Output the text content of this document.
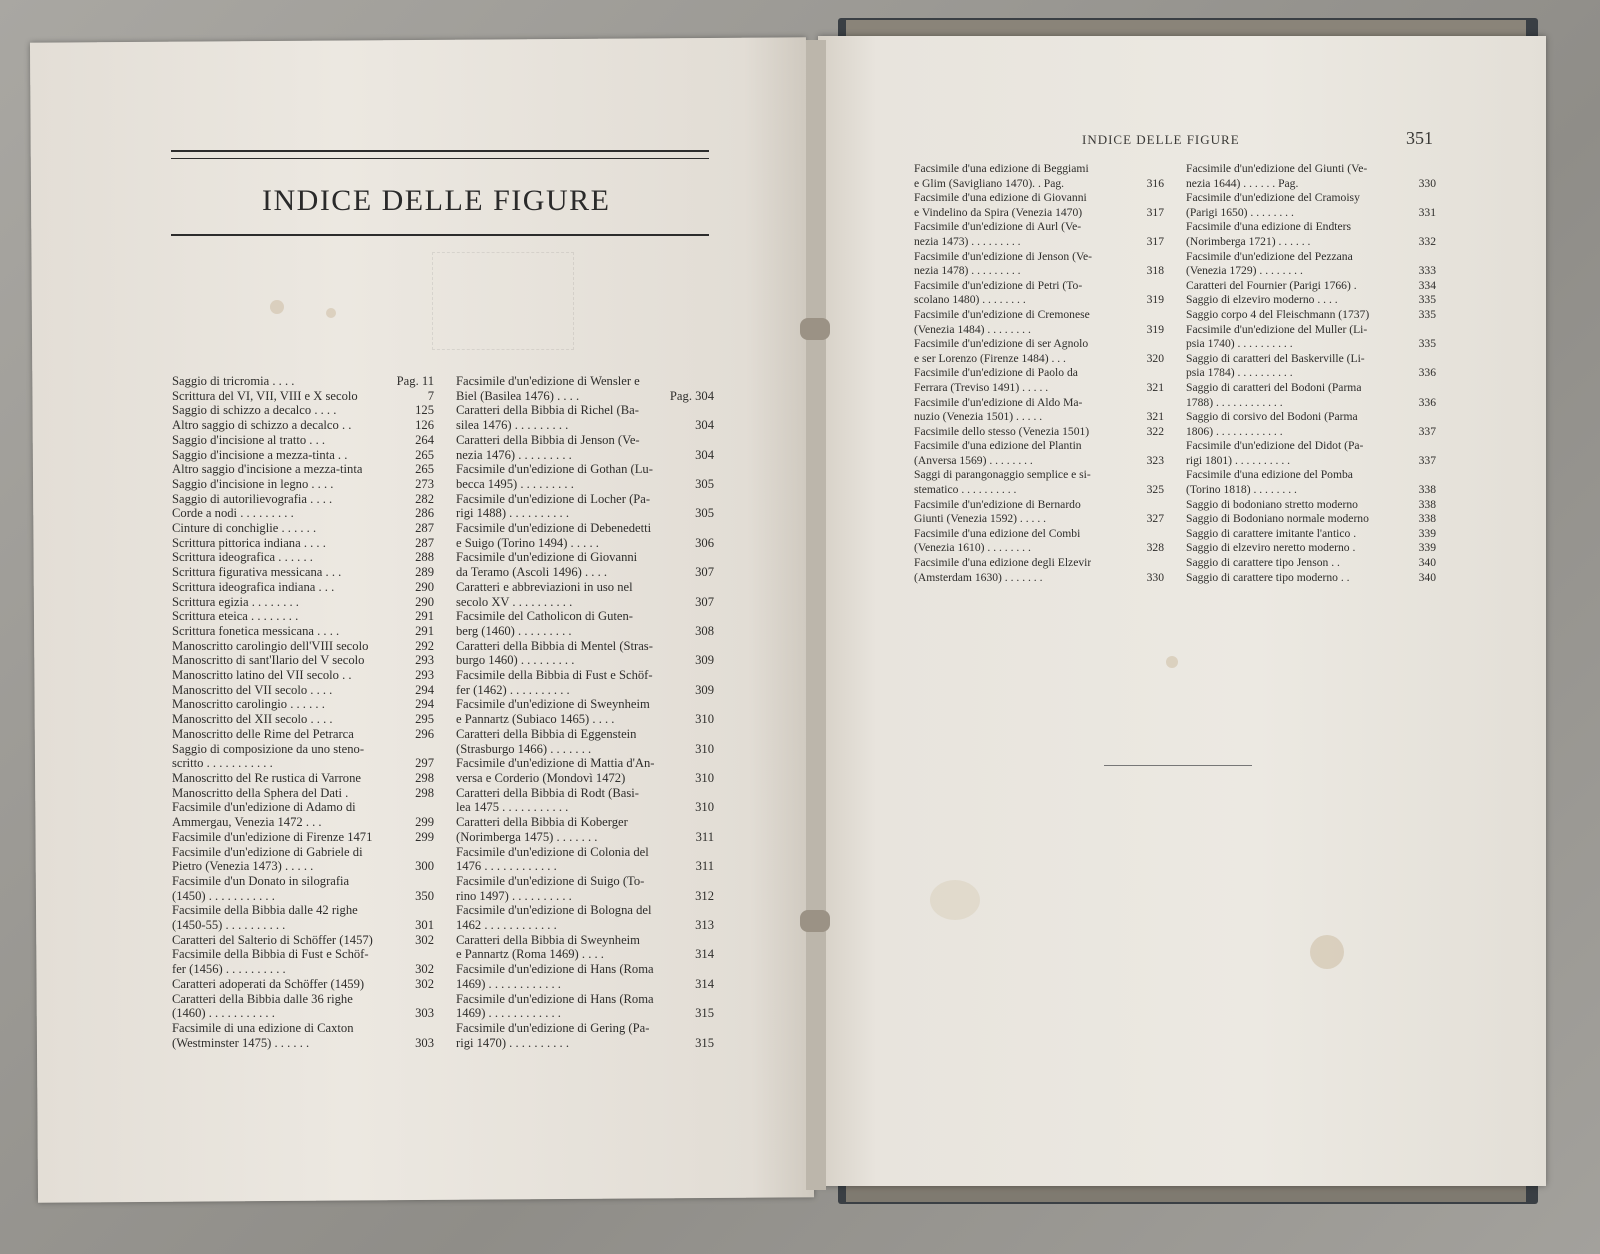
INDICE DELLE FIGURE
Saggio di tricromia . . . .	Pag. 11
Scrittura del VI, VII, VIII e X secolo	7
Saggio di schizzo a decalco . . . .	125
Altro saggio di schizzo a decalco . .	126
Saggio d'incisione al tratto . . .	264
Saggio d'incisione a mezza-tinta . .	265
Altro saggio d'incisione a mezza-tinta	265
Saggio d'incisione in legno . . . .	273
Saggio di autorilievografia . . . .	282
Corde a nodi . . . . . . . . .	286
Cinture di conchiglie . . . . . .	287
Scrittura pittorica indiana . . . .	287
Scrittura ideografica . . . . . .	288
Scrittura figurativa messicana . . .	289
Scrittura ideografica indiana . . .	290
Scrittura egizia . . . . . . . .	290
Scrittura eteica . . . . . . . .	291
Scrittura fonetica messicana . . . .	291
Manoscritto carolingio dell'VIII secolo	292
Manoscritto di sant'Ilario del V secolo	293
Manoscritto latino del VII secolo . .	293
Manoscritto del VII secolo . . . .	294
Manoscritto carolingio . . . . . .	294
Manoscritto del XII secolo . . . .	295
Manoscritto delle Rime del Petrarca	296
Saggio di composizione da uno steno-
scritto . . . . . . . . . . .	297
Manoscritto del Re rustica di Varrone	298
Manoscritto della Sphera del Dati .	298
Facsimile d'un'edizione di Adamo di
Ammergau, Venezia 1472 . . .	299
Facsimile d'un'edizione di Firenze 1471	299
Facsimile d'un'edizione di Gabriele di
Pietro (Venezia 1473) . . . . .	300
Facsimile d'un Donato in silografia
(1450) . . . . . . . . . . .	350
Facsimile della Bibbia dalle 42 righe
(1450-55) . . . . . . . . . .	301
Caratteri del Salterio di Schöffer (1457)	302
Facsimile della Bibbia di Fust e Schöf-
fer (1456) . . . . . . . . . .	302
Caratteri adoperati da Schöffer (1459)	302
Caratteri della Bibbia dalle 36 righe
(1460) . . . . . . . . . . .	303
Facsimile di una edizione di Caxton
(Westminster 1475) . . . . . .	303
Facsimile d'un'edizione di Wensler e
Biel (Basilea 1476) . . . .	Pag. 304
Caratteri della Bibbia di Richel (Ba-
silea 1476) . . . . . . . . .	304
Caratteri della Bibbia di Jenson (Ve-
nezia 1476) . . . . . . . . .	304
Facsimile d'un'edizione di Gothan (Lu-
becca 1495) . . . . . . . . .	305
Facsimile d'un'edizione di Locher (Pa-
rigi 1488) . . . . . . . . . .	305
Facsimile d'un'edizione di Debenedetti
e Suigo (Torino 1494) . . . . .	306
Facsimile d'un'edizione di Giovanni
da Teramo (Ascoli 1496) . . . .	307
Caratteri e abbreviazioni in uso nel
secolo XV . . . . . . . . . .	307
Facsimile del Catholicon di Guten-
berg (1460) . . . . . . . . .	308
Caratteri della Bibbia di Mentel (Stras-
burgo 1460) . . . . . . . . .	309
Facsimile della Bibbia di Fust e Schöf-
fer (1462) . . . . . . . . . .	309
Facsimile d'un'edizione di Sweynheim
e Pannartz (Subiaco 1465) . . . .	310
Caratteri della Bibbia di Eggenstein
(Strasburgo 1466) . . . . . . .	310
Facsimile d'un'edizione di Mattia d'An-
versa e Corderio (Mondovì 1472)	310
Caratteri della Bibbia di Rodt (Basi-
lea 1475 . . . . . . . . . . .	310
Caratteri della Bibbia di Koberger
(Norimberga 1475) . . . . . . .	311
Facsimile d'un'edizione di Colonia del
1476 . . . . . . . . . . . .	311
Facsimile d'un'edizione di Suigo (To-
rino 1497) . . . . . . . . . .	312
Facsimile d'un'edizione di Bologna del
1462 . . . . . . . . . . . .	313
Caratteri della Bibbia di Sweynheim
e Pannartz (Roma 1469) . . . .	314
Facsimile d'un'edizione di Hans (Roma
1469) . . . . . . . . . . . .	314
Facsimile d'un'edizione di Hans (Roma
1469) . . . . . . . . . . . .	315
Facsimile d'un'edizione di Gering (Pa-
rigi 1470) . . . . . . . . . .	315
INDICE DELLE FIGURE	351
Facsimile d'una edizione di Beggiami
e Glim (Savigliano 1470). . Pag.	316
Facsimile d'una edizione di Giovanni
e Vindelino da Spira (Venezia 1470)	317
Facsimile d'un'edizione di Aurl (Ve-
nezia 1473) . . . . . . . . .	317
Facsimile d'un'edizione di Jenson (Ve-
nezia 1478) . . . . . . . . .	318
Facsimile d'un'edizione di Petri (To-
scolano 1480) . . . . . . . .	319
Facsimile d'un'edizione di Cremonese
(Venezia 1484) . . . . . . . .	319
Facsimile d'un'edizione di ser Agnolo
e ser Lorenzo (Firenze 1484) . . .	320
Facsimile d'un'edizione di Paolo da
Ferrara (Treviso 1491) . . . . .	321
Facsimile d'un'edizione di Aldo Ma-
nuzio (Venezia 1501) . . . . .	321
Facsimile dello stesso (Venezia 1501)	322
Facsimile d'una edizione del Plantin
(Anversa 1569) . . . . . . . .	323
Saggi di parangonaggio semplice e si-
stematico . . . . . . . . . .	325
Facsimile d'un'edizione di Bernardo
Giunti (Venezia 1592) . . . . .	327
Facsimile d'una edizione del Combi
(Venezia 1610) . . . . . . . .	328
Facsimile d'una edizione degli Elzevir
(Amsterdam 1630) . . . . . . .	330
Facsimile d'un'edizione del Giunti (Ve-
nezia 1644) . . . . . . Pag.	330
Facsimile d'un'edizione del Cramoisy
(Parigi 1650) . . . . . . . .	331
Facsimile d'una edizione di Endters
(Norimberga 1721) . . . . . .	332
Facsimile d'un'edizione del Pezzana
(Venezia 1729) . . . . . . . .	333
Caratteri del Fournier (Parigi 1766) .	334
Saggio di elzeviro moderno . . . .	335
Saggio corpo 4 del Fleischmann (1737)	335
Facsimile d'un'edizione del Muller (Li-
psia 1740) . . . . . . . . . .	335
Saggio di caratteri del Baskerville (Li-
psia 1784) . . . . . . . . . .	336
Saggio di caratteri del Bodoni (Parma
1788) . . . . . . . . . . . .	336
Saggio di corsivo del Bodoni (Parma
1806) . . . . . . . . . . . .	337
Facsimile d'un'edizione del Didot (Pa-
rigi 1801) . . . . . . . . . .	337
Facsimile d'una edizione del Pomba
(Torino 1818) . . . . . . . .	338
Saggio di bodoniano stretto moderno	338
Saggio di Bodoniano normale moderno	338
Saggio di carattere imitante l'antico .	339
Saggio di elzeviro neretto moderno .	339
Saggio di carattere tipo Jenson . .	340
Saggio di carattere tipo moderno . .	340
